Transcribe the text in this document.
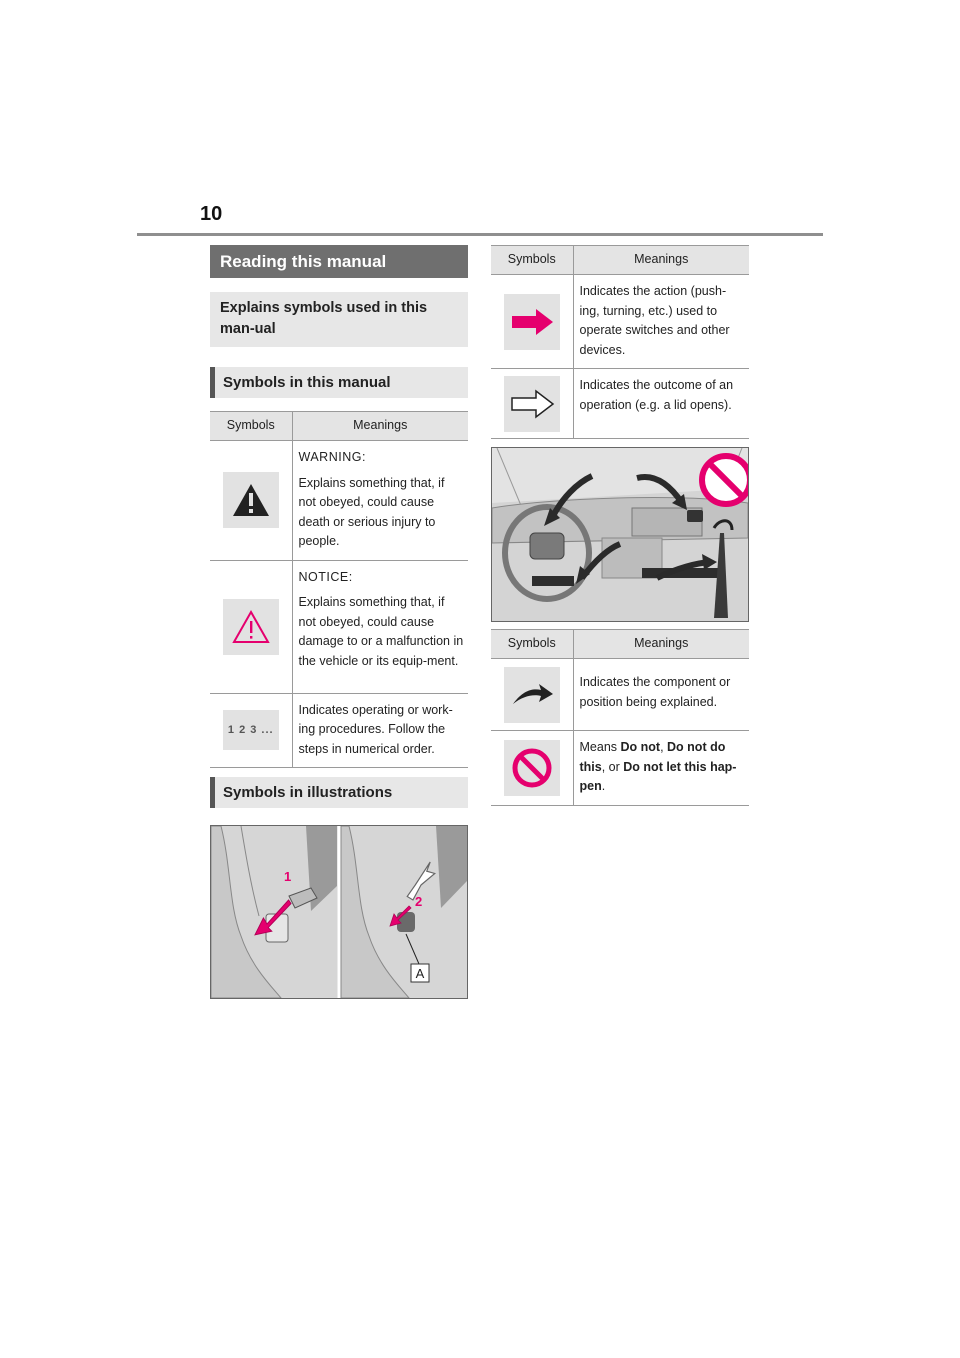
10
Reading this manual
Explains symbols used in this man-ual
Symbols in this manual
Symbols	Meanings

WARNING:
Explains something that, if not obeyed, could cause death or serious injury to people.

NOTICE:
Explains something that, if not obeyed, could cause damage to or a malfunction in the vehicle or its equip-ment.

1 2 3 ...	Indicates operating or work-ing procedures. Follow the steps in numerical order.
Symbols in illustrations
1
2
A
Symbols	Meanings

	Indicates the action (push-ing, turning, etc.) used to operate switches and other devices.

	Indicates the outcome of an operation (e.g. a lid opens).
Symbols	Meanings

	Indicates the component or position being explained.

	Means Do not, Do not do this, or Do not let this hap-pen.
